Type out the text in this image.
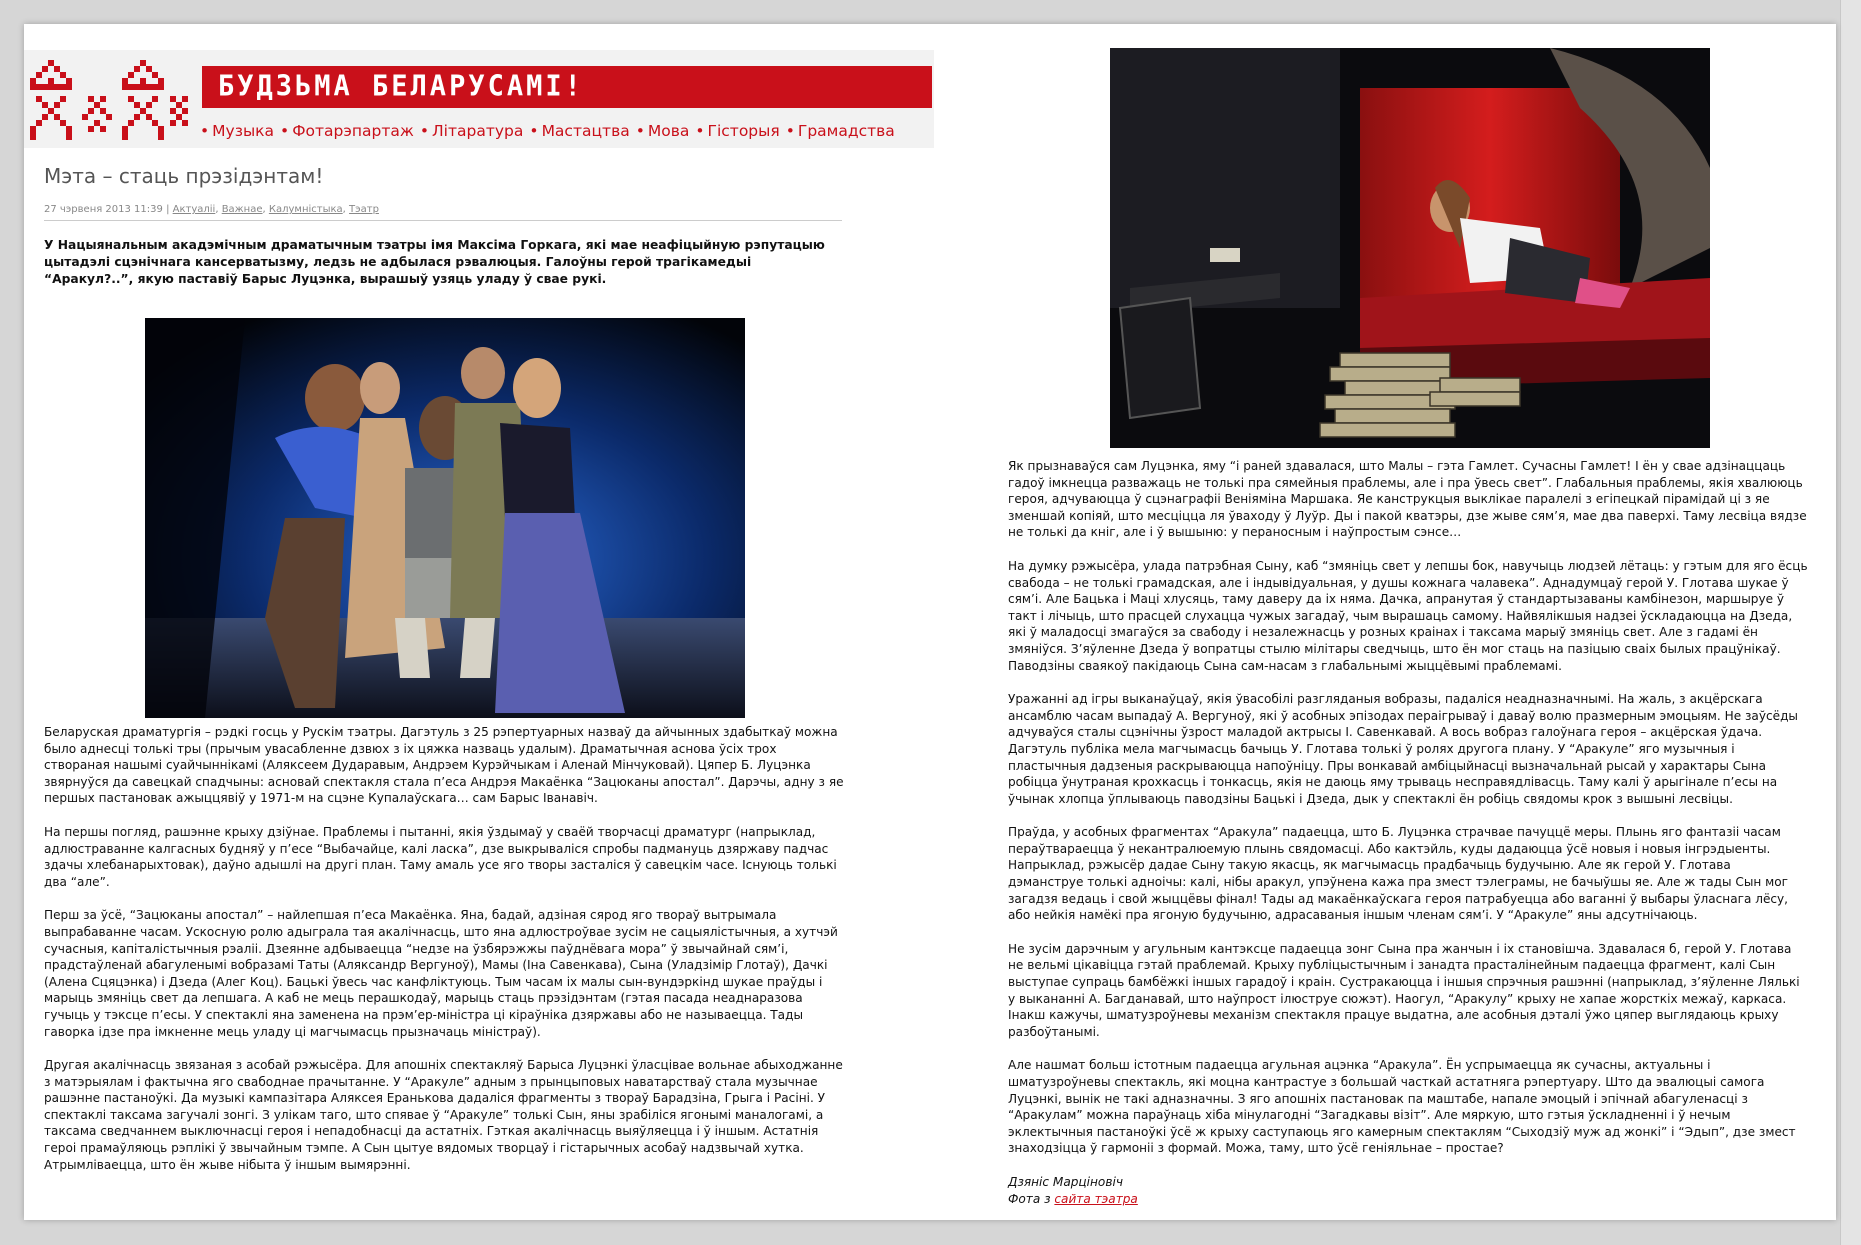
БУДЗЬМА БЕЛАРУСАМІ!
• Музыка • Фотарэпартаж • Літаратура • Мастацтва • Мова • Гісторыя • Грамадства
Мэта – стаць прэзідэнтам!
27 чэрвеня 2013 11:39 | Актуаліі, Важнае, Калумністыка, Тэатр

У Нацыянальным акадэмічным драматычным тэатры імя Максіма Горкага, які мае неафіцыйную рэпутацыю цытадэлі сцэнічнага кансерватызму, ледзь не адбылася рэвалюцыя. Галоўны герой трагікамедыі “Аракул?..”, якую паставіў Барыс Луцэнка, вырашыў узяць уладу ў свае рукі.

Беларуская драматургія – рэдкі госць у Рускім тэатры. Дагэтуль з 25 рэпертуарных назваў да айчынных здабыткаў можна было аднесці толькі тры (прычым увасабленне дзвюх з іх цяжка назваць удалым). Драматычная аснова ўсіх трох створаная нашымі суайчыннікамі (Аляксеем Дударавым, Андрэем Курэйчыкам і Аленай Мінчуковай). Цяпер Б. Луцэнка звярнуўся да савецкай спадчыны: асновай спектакля стала п’еса Андрэя Макаёнка “Зацюканы апостал”. Дарэчы, адну з яе першых пастановак ажыццявіў у 1971-м на сцэне Купалаўскага… сам Барыс Іванавіч.

На першы погляд, рашэнне крыху дзіўнае. Праблемы і пытанні, якія ўздымаў у сваёй творчасці драматург (напрыклад, адлюстраванне калгасных будняў у п’есе “Выбачайце, калі ласка”, дзе выкрываліся спробы падмануць дзяржаву падчас здачы хлебанарыхтовак), даўно адышлі на другі план. Таму амаль усе яго творы засталіся ў савецкім часе. Існуюць толькі два “але”.

Перш за ўсё, “Зацюканы апостал” – найлепшая п’еса Макаёнка. Яна, бадай, адзіная сярод яго твораў вытрымала выпрабаванне часам. Ускосную ролю адыграла тая акалічнасць, што яна адлюстроўвае зусім не сацыялістычныя, а хутчэй сучасныя, капіталістычныя рэаліі. Дзеянне адбываецца “недзе на ўзбярэжжы паўднёвага мора” ў звычайнай сям’і, прадстаўленай абагуленымі вобразамі Таты (Аляксандр Вергуноў), Мамы (Іна Савенкава), Сына (Уладзімір Глотаў), Дачкі (Алена Сцяцэнка) і Дзеда (Алег Коц). Бацькі ўвесь час канфліктуюць. Тым часам іх малы сын-вундэркінд шукае праўды і марыць змяніць свет да лепшага. А каб не мець перашкодаў, марыць стаць прэзідэнтам (гэтая пасада неаднаразова гучыць у тэксце п’есы. У спектаклі яна заменена на прэм’ер-міністра ці кіраўніка дзяржавы або не называецца. Тады гаворка ідзе пра імкненне мець уладу ці магчымасць прызначаць міністраў).

Другая акалічнасць звязаная з асобай рэжысёра. Для апошніх спектакляў Барыса Луцэнкі ўласцівае вольнае абыходжанне з матэрыялам і фактычна яго свабоднае прачытанне. У “Аракуле” адным з прынцыповых наватарстваў стала музычнае рашэнне пастаноўкі. Да музыкі кампазітара Аляксея Еранькова дадаліся фрагменты з твораў Барадзіна, Грыга і Расіні. У спектаклі таксама загучалі зонгі. З улікам таго, што спявае ў “Аракуле” толькі Сын, яны зрабіліся ягонымі маналогамі, а таксама сведчаннем выключнасці героя і непадобнасці да астатніх. Гэткая акалічнасць выяўляецца і ў іншым. Астатнія героі прамаўляюць рэплікі ў звычайным тэмпе. А Сын цытуе вядомых творцаў і гістарычных асобаў надзвычай хутка. Атрымліваецца, што ён жыве нібыта ў іншым вымярэнні.

Як прызнаваўся сам Луцэнка, яму “і раней здавалася, што Малы – гэта Гамлет. Сучасны Гамлет! І ён у свае адзінаццаць гадоў імкнецца разважаць не толькі пра сямейныя праблемы, але і пра ўвесь свет”. Глабальныя праблемы, якія хвалююць героя, адчуваюцца ў сцэнаграфіі Веніяміна Маршака. Яе канструкцыя выклікае паралелі з егіпецкай пірамідай ці з яе зменшай копіяй, што месціцца ля ўваходу ў Луўр. Ды і пакой кватэры, дзе жыве сям’я, мае два паверхі. Таму лесвіца вядзе не толькі да кніг, але і ў вышыню: у пераносным і наўпростым сэнсе…

На думку рэжысёра, улада патрэбная Сыну, каб “змяніць свет у лепшы бок, навучыць людзей лётаць: у гэтым для яго ёсць свабода – не толькі грамадская, але і індывідуальная, у душы кожнага чалавека”. Аднадумцаў герой У. Глотава шукае ў сям’і. Але Бацька і Маці хлусяць, таму даверу да іх няма. Дачка, апранутая ў стандартызаваны камбінезон, маршыруе ў такт і лічыць, што прасцей слухацца чужых загадаў, чым вырашаць самому. Найвялікшыя надзеі ўскладаюцца на Дзеда, які ў маладосці змагаўся за свабоду і незалежнасць у розных краінах і таксама марыў змяніць свет. Але з гадамі ён змяніўся. З’яўленне Дзеда ў вопратцы стылю мілітары сведчыць, што ён мог стаць на пазіцыю сваіх былых працўнікаў. Паводзіны сваякоў пакідаюць Сына сам-насам з глабальнымі жыццёвымі праблемамі.

Уражанні ад ігры выканаўцаў, якія ўвасобілі разгляданыя вобразы, падаліся неадназначнымі. На жаль, з акцёрскага ансамблю часам выпадаў А. Вергуноў, які ў асобных эпізодах пераігрываў і даваў волю празмерным эмоцыям. Не заўсёды адчуваўся сталы сцэнічны ўзрост маладой актрысы І. Савенкавай. А вось вобраз галоўнага героя – акцёрская ўдача. Дагэтуль публіка мела магчымасць бачыць У. Глотава толькі ў ролях другога плану. У “Аракуле” яго музычныя і пластычныя дадзеныя раскрываюцца напоўніцу. Пры вонкавай амбіцыйнасці вызначальнай рысай у характары Сына робіцца ўнутраная крохкасць і тонкасць, якія не даюць яму трываць несправядлівасць. Таму калі ў арыгінале п’есы на ўчынак хлопца ўплываюць паводзіны Бацькі і Дзеда, дык у спектаклі ён робіць свядомы крок з вышыні лесвіцы.

Праўда, у асобных фрагментах “Аракула” падаецца, што Б. Луцэнка страчвае пачуццё меры. Плынь яго фантазіі часам пераўтвараецца ў некантралюемую плынь свядомасці. Або кактэйль, куды дадаюцца ўсё новыя і новыя інгрэдыенты. Напрыклад, рэжысёр дадае Сыну такую якасць, як магчымасць прадбачыць будучыню. Але як герой У. Глотава дэманструе толькі адноічы: калі, нібы аракул, упэўнена кажа пра змест тэлеграмы, не бачыўшы яе. Але ж тады Сын мог загадзя ведаць і свой жыццёвы фінал! Тады ад макаёнкаўскага героя патрабуецца або ваганні ў выбары ўласнага лёсу, або нейкія намёкі пра ягоную будучыню, адрасаваныя іншым членам сям’і. У “Аракуле” яны адсутнічаюць.

Не зусім дарэчным у агульным кантэксце падаецца зонг Сына пра жанчын і іх становішча. Здавалася б, герой У. Глотава не вельмі цікавіцца гэтай праблемай. Крыху публіцыстычным і занадта прасталінейным падаецца фрагмент, калі Сын выступае супраць бамбёжкі іншых гарадоў і краін. Сустракаюцца і іншыя спрэчныя рашэнні (напрыклад, з’яўленне Лялькі у выкананні А. Багданавай, што наўпрост ілюструе сюжэт). Наогул, “Аракулу” крыху не хапае жорсткіх межаў, каркаса. Інакш кажучы, шматузроўневы механізм спектакля працуе выдатна, але асобныя дэталі ўжо цяпер выглядаюць крыху разбоўтанымі.

Але нашмат больш істотным падаецца агульная ацэнка “Аракула”. Ён успрымаецца як сучасны, актуальны і шматузроўневы спектакль, які моцна кантрастуе з большай часткай астатняга рэпертуару. Што да эвалюцыі самога Луцэнкі, вынік не такі адназначны. З яго апошніх пастановак па маштабе, напале эмоцый і эпічнай абагуленасці з “Аракулам” можна параўнаць хіба мінулагодні “Загадкавы візіт”. Але мяркую, што гэтыя ўскладненні і ў нечым эклектычныя пастаноўкі ўсё ж крыху саступаюць яго камерным спектаклям “Сыходзіў муж ад жонкі” і “Эдып”, дзе змест знаходзіцца ў гармоніі з формай. Можа, таму, што ўсё геніяльнае – простае?

Дзяніс Марціновіч
Фота з сайта тэатра
